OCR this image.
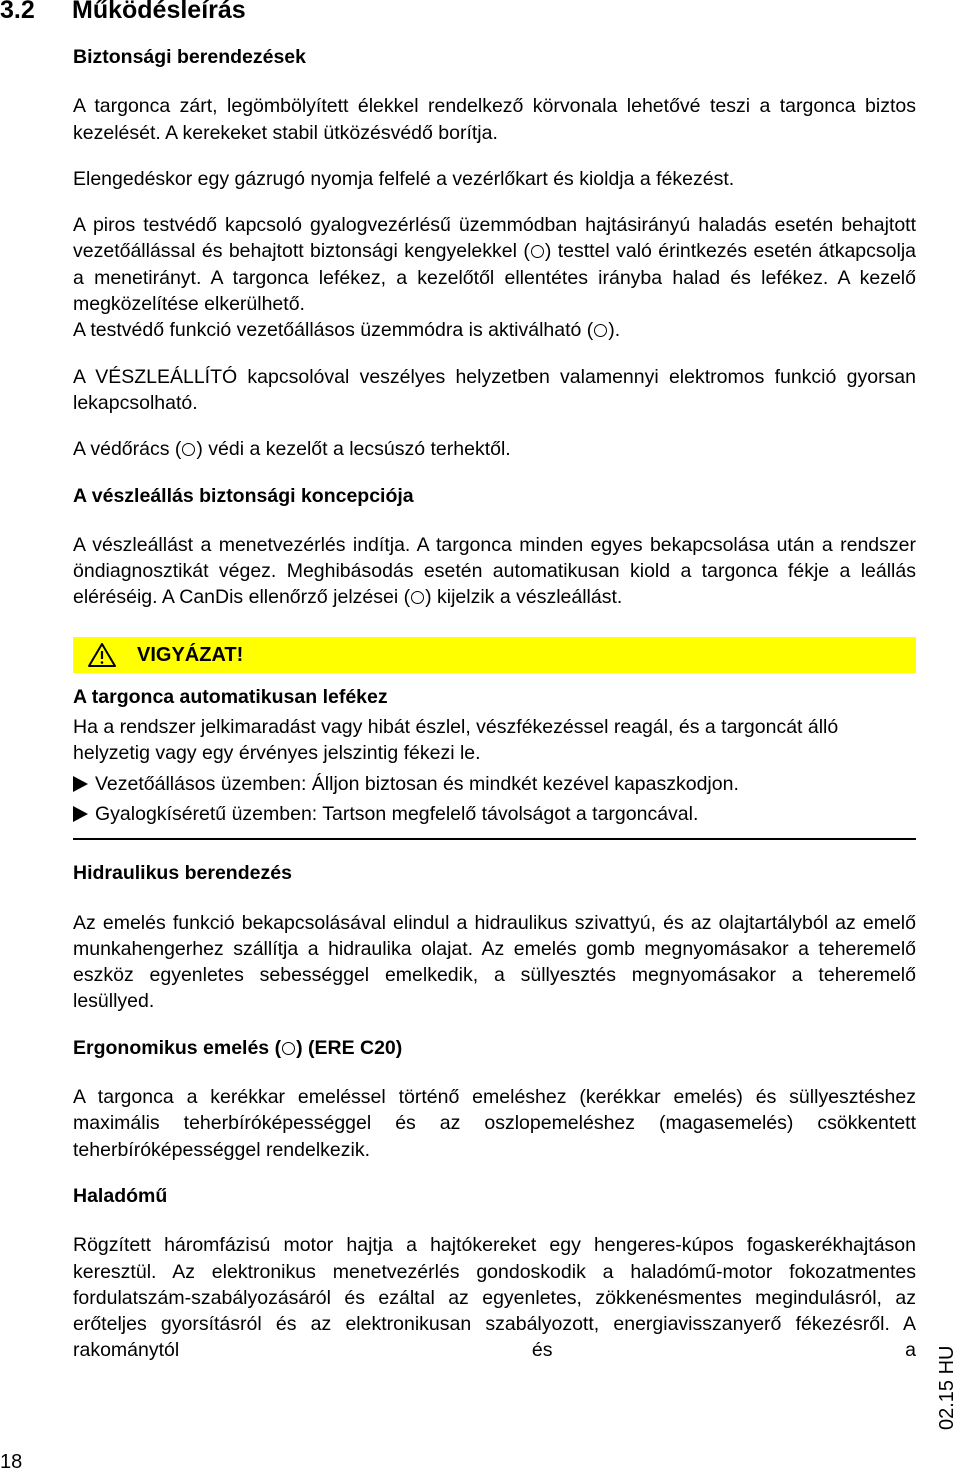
3.2 Működésleírás

Biztonsági berendezések

A targonca zárt, legömbölyített élekkel rendelkező körvonala lehetővé teszi a targonca biztos kezelését. A kerekeket stabil ütközésvédő borítja.

Elengedéskor egy gázrugó nyomja felfelé a vezérlőkart és kioldja a fékezést.

A piros testvédő kapcsoló gyalogvezérlésű üzemmódban hajtásirányú haladás esetén behajtott vezetőállással és behajtott biztonsági kengyelekkel ( ) testtel való érintkezés esetén átkapcsolja a menetirányt. A targonca lefékez, a kezelőtől ellentétes irányba halad és lefékez. A kezelő megközelítése elkerülhető.

A testvédő funkció vezetőállásos üzemmódra is aktiválható ( ).

A VÉSZLEÁLLÍTÓ kapcsolóval veszélyes helyzetben valamennyi elektromos funkció gyorsan lekapcsolható.

A védőrács ( ) védi a kezelőt a lecsúszó terhektől.

A vészleállás biztonsági koncepciója

A vészleállást a menetvezérlés indítja. A targonca minden egyes bekapcsolása után a rendszer öndiagnosztikát végez. Meghibásodás esetén automatikusan kiold a targonca fékje a leállás eléréséig. A CanDis ellenőrző jelzései ( ) kijelzik a vészleállást.

VIGYÁZAT!

A targonca automatikusan lefékez

Ha a rendszer jelkimaradást vagy hibát észlel, vészfékezéssel reagál, és a targoncát álló helyzetig vagy egy érvényes jelszintig fékezi le.

Vezetőállásos üzemben: Álljon biztosan és mindkét kezével kapaszkodjon.

Gyalogkíséretű üzemben: Tartson megfelelő távolságot a targoncával.

Hidraulikus berendezés

Az emelés funkció bekapcsolásával elindul a hidraulikus szivattyú, és az olajtartályból az emelő munkahengerhez szállítja a hidraulika olajat. Az emelés gomb megnyomásakor a teheremelő eszköz egyenletes sebességgel emelkedik, a süllyesztés megnyomásakor a teheremelő lesüllyed.

Ergonomikus emelés ( ) (ERE C20)

A targonca a kerékkar emeléssel történő emeléshez (kerékkar emelés) és süllyesztéshez maximális teherbíróképességgel és az oszlopemeléshez (magasemelés) csökkentett teherbíróképességgel rendelkezik.

Haladómű

Rögzített háromfázisú motor hajtja a hajtókereket egy hengeres-kúpos fogaskerékhajtáson keresztül. Az elektronikus menetvezérlés gondoskodik a haladómű-motor fokozatmentes fordulatszám-szabályozásáról és ezáltal az egyenletes, zökkenésmentes megindulásról, az erőteljes gyorsításról és az elektronikusan szabályozott, energiavisszanyerő fékezésről. A rakománytól és a

18
02.15 HU
